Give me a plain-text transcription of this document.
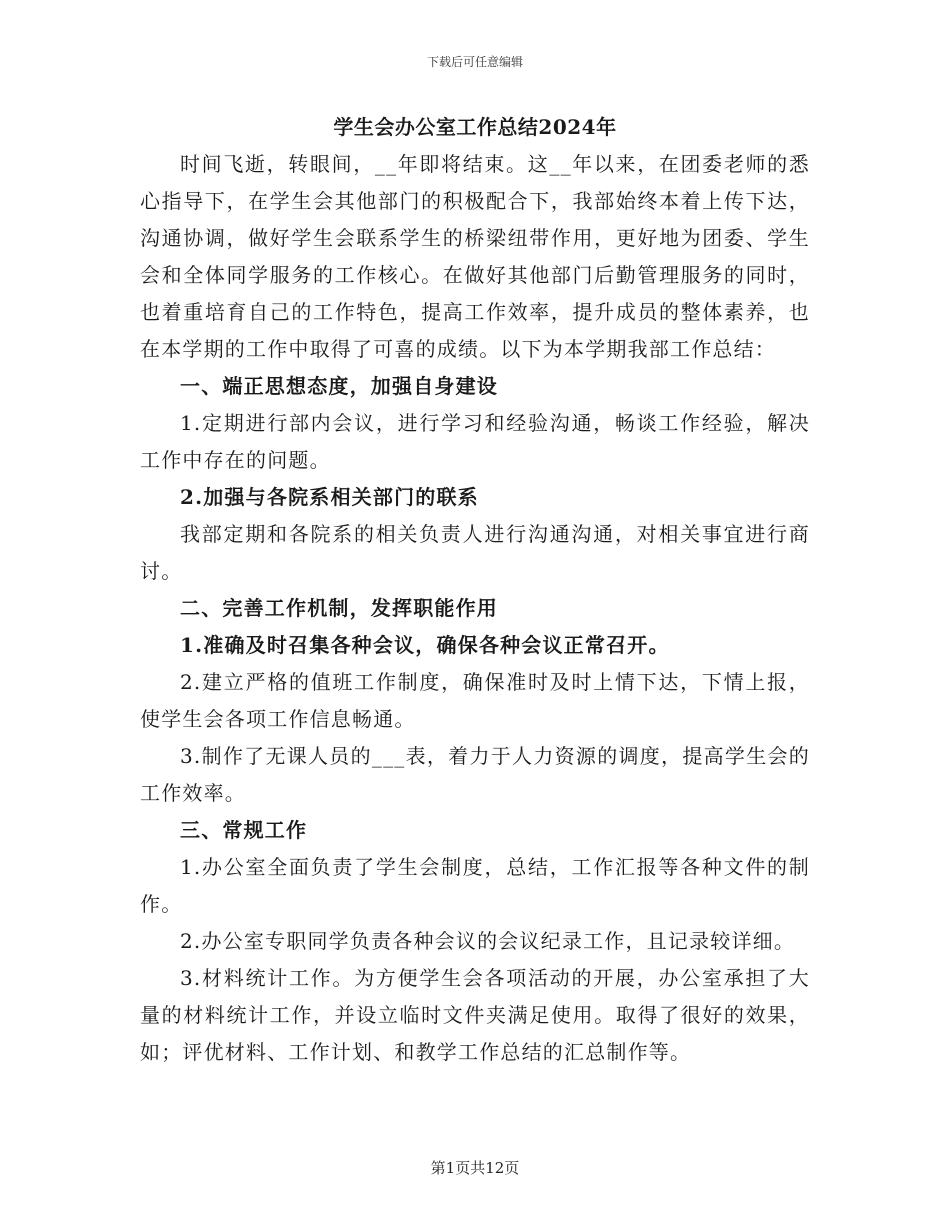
下载后可任意编辑
学生会办公室工作总结2024年

时间飞逝，转眼间，__年即将结束。这__年以来，在团委老师的悉心指导下，在学生会其他部门的积极配合下，我部始终本着上传下达，沟通协调，做好学生会联系学生的桥梁纽带作用，更好地为团委、学生会和全体同学服务的工作核心。在做好其他部门后勤管理服务的同时，也着重培育自己的工作特色，提高工作效率，提升成员的整体素养，也在本学期的工作中取得了可喜的成绩。以下为本学期我部工作总结：

一、端正思想态度，加强自身建设

1.定期进行部内会议，进行学习和经验沟通，畅谈工作经验，解决工作中存在的问题。

2.加强与各院系相关部门的联系

我部定期和各院系的相关负责人进行沟通沟通，对相关事宜进行商讨。

二、完善工作机制，发挥职能作用

1.准确及时召集各种会议，确保各种会议正常召开。

2.建立严格的值班工作制度，确保准时及时上情下达，下情上报，使学生会各项工作信息畅通。

3.制作了无课人员的___表，着力于人力资源的调度，提高学生会的工作效率。

三、常规工作

1.办公室全面负责了学生会制度，总结，工作汇报等各种文件的制作。

2.办公室专职同学负责各种会议的会议纪录工作，且记录较详细。

3.材料统计工作。为方便学生会各项活动的开展，办公室承担了大量的材料统计工作，并设立临时文件夹满足使用。取得了很好的效果，如；评优材料、工作计划、和教学工作总结的汇总制作等。

第1页共12页
